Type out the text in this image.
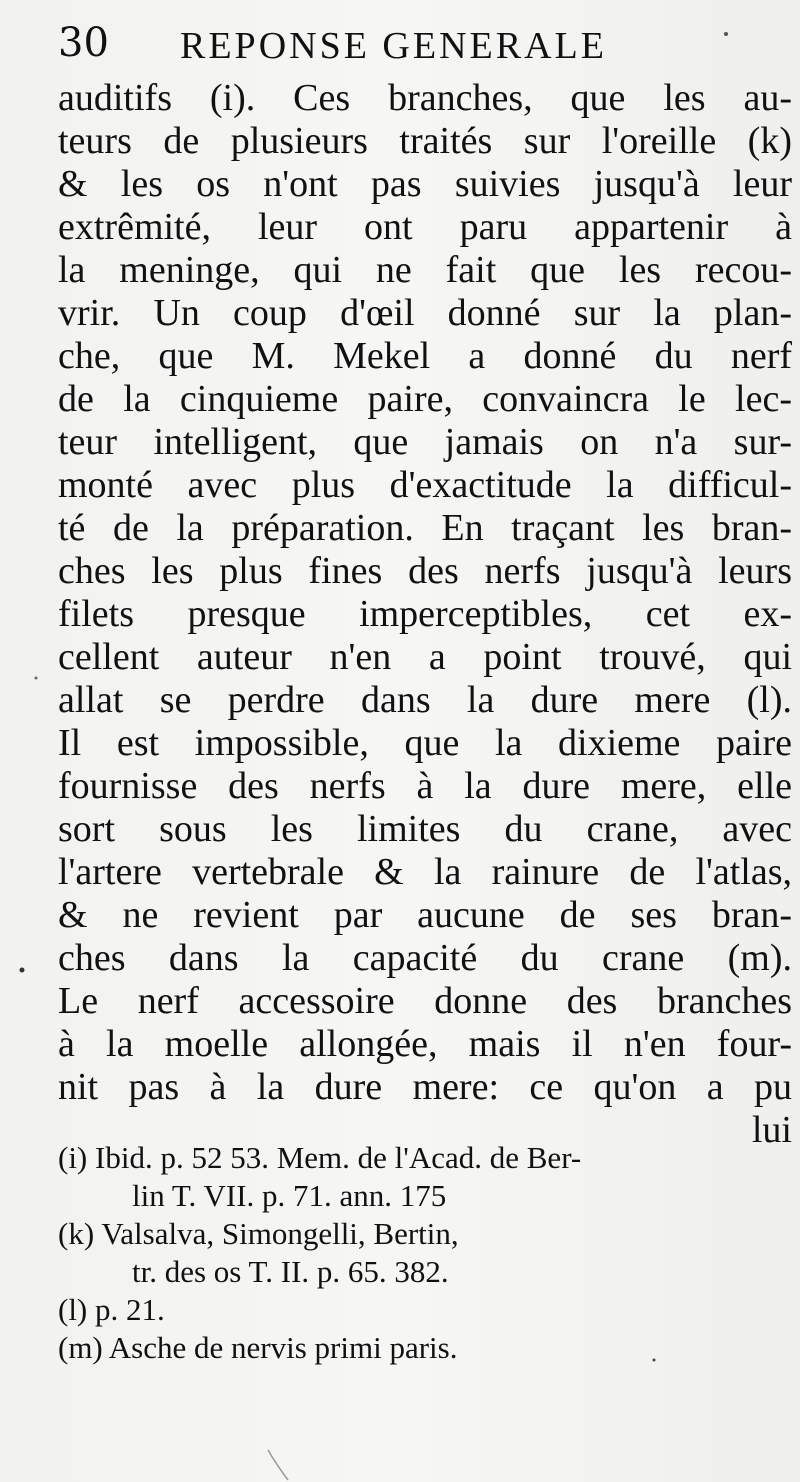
30 REPONSE GENERALE
auditifs (i). Ces branches, que les au-
teurs de plusieurs traités sur l'oreille (k)
& les os n'ont pas suivies jusqu'à leur
extrêmité, leur ont paru appartenir à
la meninge, qui ne fait que les recou-
vrir. Un coup d'œil donné sur la plan-
che, que M. Mekel a donné du nerf
de la cinquieme paire, convaincra le lec-
teur intelligent, que jamais on n'a sur-
monté avec plus d'exactitude la difficul-
té de la préparation. En traçant les bran-
ches les plus fines des nerfs jusqu'à leurs
filets presque imperceptibles, cet ex-
cellent auteur n'en a point trouvé, qui
allat se perdre dans la dure mere (l).
Il est impossible, que la dixieme paire
fournisse des nerfs à la dure mere, elle
sort sous les limites du crane, avec
l'artere vertebrale & la rainure de l'atlas,
& ne revient par aucune de ses bran-
ches dans la capacité du crane (m).
Le nerf accessoire donne des branches
à la moelle allongée, mais il n'en four-
nit pas à la dure mere: ce qu'on a pu
lui
(i) Ibid. p. 52 53. Mem. de l'Acad. de Ber-
lin T. VII. p. 71. ann. 175
(k) Valsalva, Simongelli, Bertin,
tr. des os T. II. p. 65. 382.
(l) p. 21.
(m) Asche de nervis primi paris.
